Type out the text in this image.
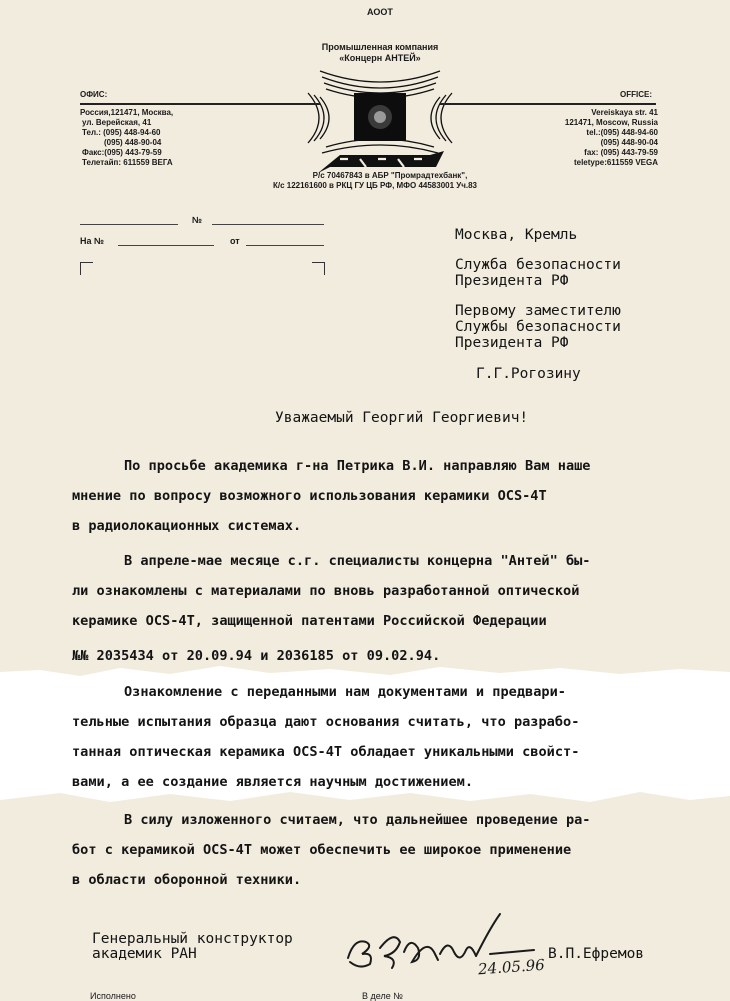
АООТ
Промышленная компания
«Концерн АНТЕЙ»
ОФИС:	OFFICE:
Россия,121471, Москва,
ул. Верейская, 41
Тел.: (095) 448-94-60
(095) 448-90-04
Факс:(095) 443-79-59
Телетайп: 611559 ВЕГА
Vereiskaya str. 41
121471, Moscow, Russia
tel.:(095) 448-94-60
(095) 448-90-04
fax: (095) 443-79-59
teletype:611559 VEGA
Р/с 70467843 в АБР "Промрадтехбанк",
К/с 122161600 в РКЦ ГУ ЦБ РФ, МФО 44583001 Уч.83
№
На №	от	Москва, Кремль
Служба безопасности
Президента РФ
Первому заместителю
Службы безопасности
Президента РФ
Г.Г.Рогозину
Уважаемый Георгий Георгиевич!
По просьбе академика г-на Петрика В.И. направляю Вам наше
мнение по вопросу возможного использования керамики OCS-4T
в радиолокационных системах.
В апреле-мае месяце с.г. специалисты концерна "Антей" бы-
ли ознакомлены с материалами по вновь разработанной оптической
керамике OCS-4T, защищенной патентами Российской Федерации
№№ 2035434 от 20.09.94 и 2036185 от 09.02.94.
Ознакомление с переданными нам документами и предвари-
тельные испытания образца дают основания считать, что разрабо-
танная оптическая керамика OCS-4T обладает уникальными свойст-
вами, а ее создание является научным достижением.
В силу изложенного считаем, что дальнейшее проведение ра-
бот с керамикой OCS-4T может обеспечить ее широкое применение
в области оборонной техники.
Генеральный конструктор
академик РАН	В.П.Ефремов
24.05.96
Исполнено	В деле №
